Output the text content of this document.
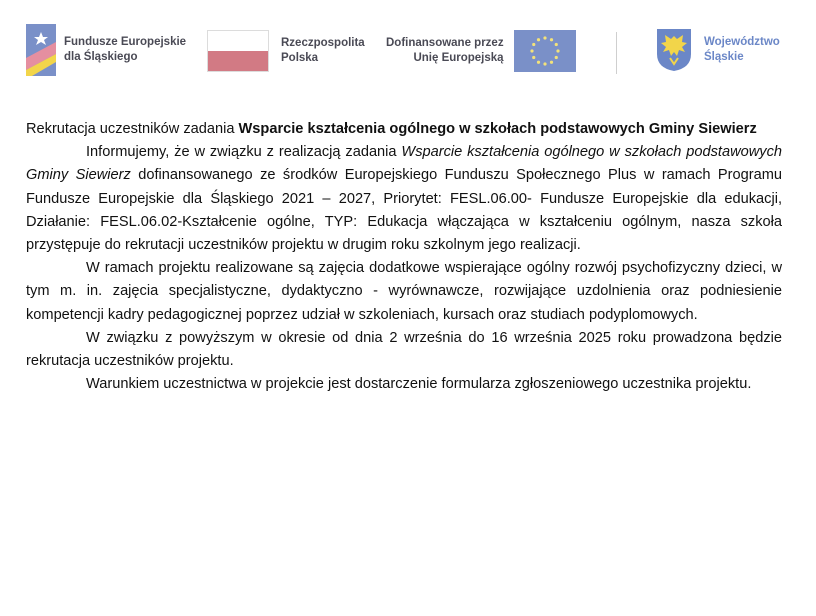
Fundusze Europejskie
dla Śląskiego
Rzeczpospolita
Polska
Dofinansowane przez
Unię Europejską
Województwo
Śląskie

Rekrutacja uczestników zadania Wsparcie kształcenia ogólnego w szkołach podstawowych Gminy Siewierz

Informujemy, że w związku z realizacją zadania Wsparcie kształcenia ogólnego w szkołach podstawowych Gminy Siewierz dofinansowanego ze środków Europejskiego Funduszu Społecznego Plus w ramach Programu Fundusze Europejskie dla Śląskiego 2021 – 2027, Priorytet: FESL.06.00- Fundusze Europejskie dla edukacji, Działanie: FESL.06.02-Kształcenie ogólne, TYP: Edukacja włączająca w kształceniu ogólnym, nasza szkoła przystępuje do rekrutacji uczestników projektu w drugim roku szkolnym jego realizacji.

W ramach projektu realizowane są zajęcia dodatkowe wspierające ogólny rozwój psychofizyczny dzieci, w tym m. in. zajęcia specjalistyczne, dydaktyczno - wyrównawcze, rozwijające uzdolnienia oraz podniesienie kompetencji kadry pedagogicznej poprzez udział w szkoleniach, kursach oraz studiach podyplomowych.

W związku z powyższym w okresie od dnia 2 września do 16 września 2025 roku prowadzona będzie rekrutacja uczestników projektu.

Warunkiem uczestnictwa w projekcie jest dostarczenie formularza zgłoszeniowego uczestnika projektu.
